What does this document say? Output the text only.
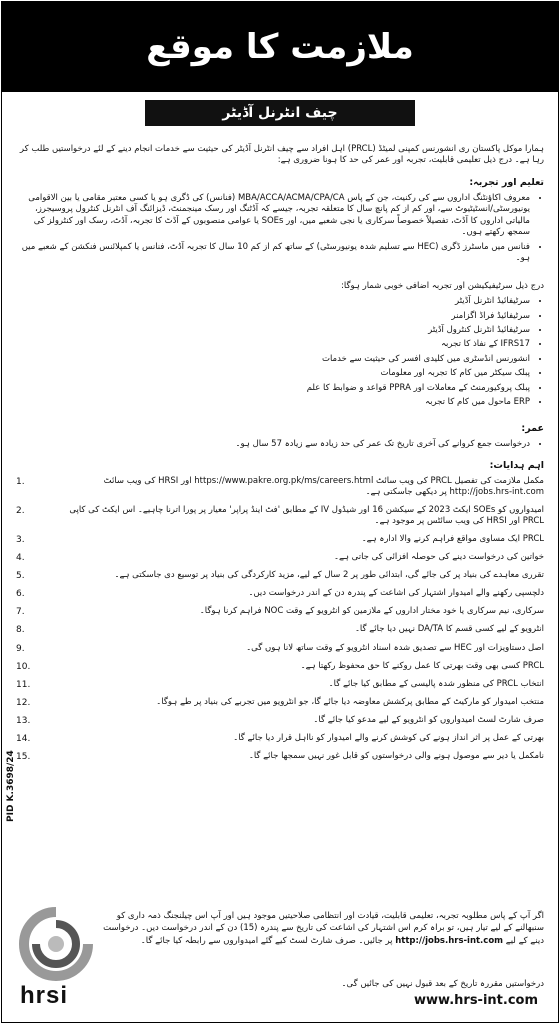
ملازمت کا موقع
چیف انٹرنل آڈیٹر
ہمارا موکل پاکستان ری انشورنس کمپنی لمیٹڈ (PRCL) اہل افراد سے چیف انٹرنل آڈیٹر کی حیثیت سے خدمات انجام دینے کے لئے درخواستیں طلب کر رہا ہے۔ درج ذیل تعلیمی قابلیت، تجربہ اور عمر کی حد کا ہونا ضروری ہے:
تعلیم اور تجربہ:
• معروف اکاؤنٹنگ اداروں سے کی رکنیت، جن کے پاس MBA/ACCA/ACMA/CPA/CA (فنانس) کی ڈگری ہو یا کسی معتبر مقامی یا بین الاقوامی یونیورسٹی/انسٹیٹیوٹ سے، اور کم از کم پانچ سال کا متعلقہ تجربہ، جیسے کہ آڈٹنگ اور رسک مینجمنٹ، ڈیزائنگ آف انٹرنل کنٹرول پروسیجرز، مالیاتی اداروں کا آڈٹ، تفصیلاً خصوصاً سرکاری یا نجی شعبے میں، اور SOEs یا عوامی منصوبوں کے آڈٹ کا تجربہ، آڈٹ، رسک اور کنٹرولز کی سمجھ رکھتے ہوں۔
• فنانس میں ماسٹرز ڈگری (HEC سے تسلیم شدہ یونیورسٹی) کے ساتھ کم از کم 10 سال کا تجربہ آڈٹ، فنانس یا کمپلائنس فنکشن کے شعبے میں ہو۔
درج ذیل سرٹیفیکیشن اور تجربہ اضافی خوبی شمار ہوگا:
• سرٹیفائیڈ انٹرنل آڈیٹر
• سرٹیفائیڈ فراڈ اگزامنر
• سرٹیفائیڈ انٹرنل کنٹرول آڈیٹر
• IFRS17 کے نفاذ کا تجربہ
• انشورنس انڈسٹری میں کلیدی افسر کی حیثیت سے خدمات
• پبلک سیکٹر میں کام کا تجربہ اور معلومات
• پبلک پروکیورمنٹ کے معاملات اور PPRA قواعد و ضوابط کا علم
• ERP ماحول میں کام کا تجربہ
عمر:
• درخواست جمع کروانے کی آخری تاریخ تک عمر کی حد زیادہ سے زیادہ 57 سال ہو۔
اہم ہدایات:
1.	مکمل ملازمت کی تفصیل PRCL کی ویب سائٹ https://www.pakre.org.pk/ms/careers.html اور HRSI کی ویب سائٹ http://jobs.hrs-int.com پر دیکھی جاسکتی ہے۔
2.	امیدواروں کو SOEs ایکٹ 2023 کے سیکشن 16 اور شیڈول IV کے مطابق 'فٹ اینڈ پراپر' معیار پر پورا اترنا چاہیے۔ اس ایکٹ کی کاپی PRCL اور HRSI کی ویب سائٹس پر موجود ہے۔
3.	PRCL ایک مساوی مواقع فراہم کرنے والا ادارہ ہے۔
4.	خواتین کی درخواست دینے کی حوصلہ افزائی کی جاتی ہے۔
5.	تقرری معاہدے کی بنیاد پر کی جائے گی، ابتدائی طور پر 2 سال کے لیے، مزید کارکردگی کی بنیاد پر توسیع دی جاسکتی ہے۔
6.	دلچسپی رکھنے والے امیدوار اشتہار کی اشاعت کے پندرہ دن کے اندر درخواست دیں۔
7.	سرکاری، نیم سرکاری یا خود مختار اداروں کے ملازمین کو انٹرویو کے وقت NOC فراہم کرنا ہوگا۔
8.	انٹرویو کے لیے کسی قسم کا DA/TA نہیں دیا جائے گا۔
9.	اصل دستاویزات اور HEC سے تصدیق شدہ اسناد انٹرویو کے وقت ساتھ لانا ہوں گی۔
10.	PRCL کسی بھی وقت بھرتی کا عمل روکنے کا حق محفوظ رکھتا ہے۔
11.	انتخاب PRCL کی منظور شدہ پالیسی کے مطابق کیا جائے گا۔
12.	منتخب امیدوار کو مارکیٹ کے مطابق پرکشش معاوضہ دیا جائے گا، جو انٹرویو میں تجربے کی بنیاد پر طے ہوگا۔
13.	صرف شارٹ لسٹ امیدواروں کو انٹرویو کے لیے مدعو کیا جائے گا۔
14.	بھرتی کے عمل پر اثر انداز ہونے کی کوشش کرنے والے امیدوار کو نااہل قرار دیا جائے گا۔
15.	نامکمل یا دیر سے موصول ہونے والی درخواستوں کو قابل غور نہیں سمجھا جائے گا۔
PID K.3698/24
hrsi
اگر آپ کے پاس مطلوبہ تجربہ، تعلیمی قابلیت، قیادت اور انتظامی صلاحیتیں موجود ہیں اور آپ اس چیلنجنگ ذمہ داری کو سنبھالنے کے لیے تیار ہیں، تو براہ کرم اس اشتہار کی اشاعت کی تاریخ سے پندرہ (15) دن کے اندر درخواست دیں۔ درخواست دینے کے لیے http://jobs.hrs-int.com پر جائیں۔ صرف شارٹ لسٹ کیے گئے امیدواروں سے رابطہ کیا جائے گا۔
درخواستیں مقررہ تاریخ کے بعد قبول نہیں کی جائیں گی۔
www.hrs-int.com
